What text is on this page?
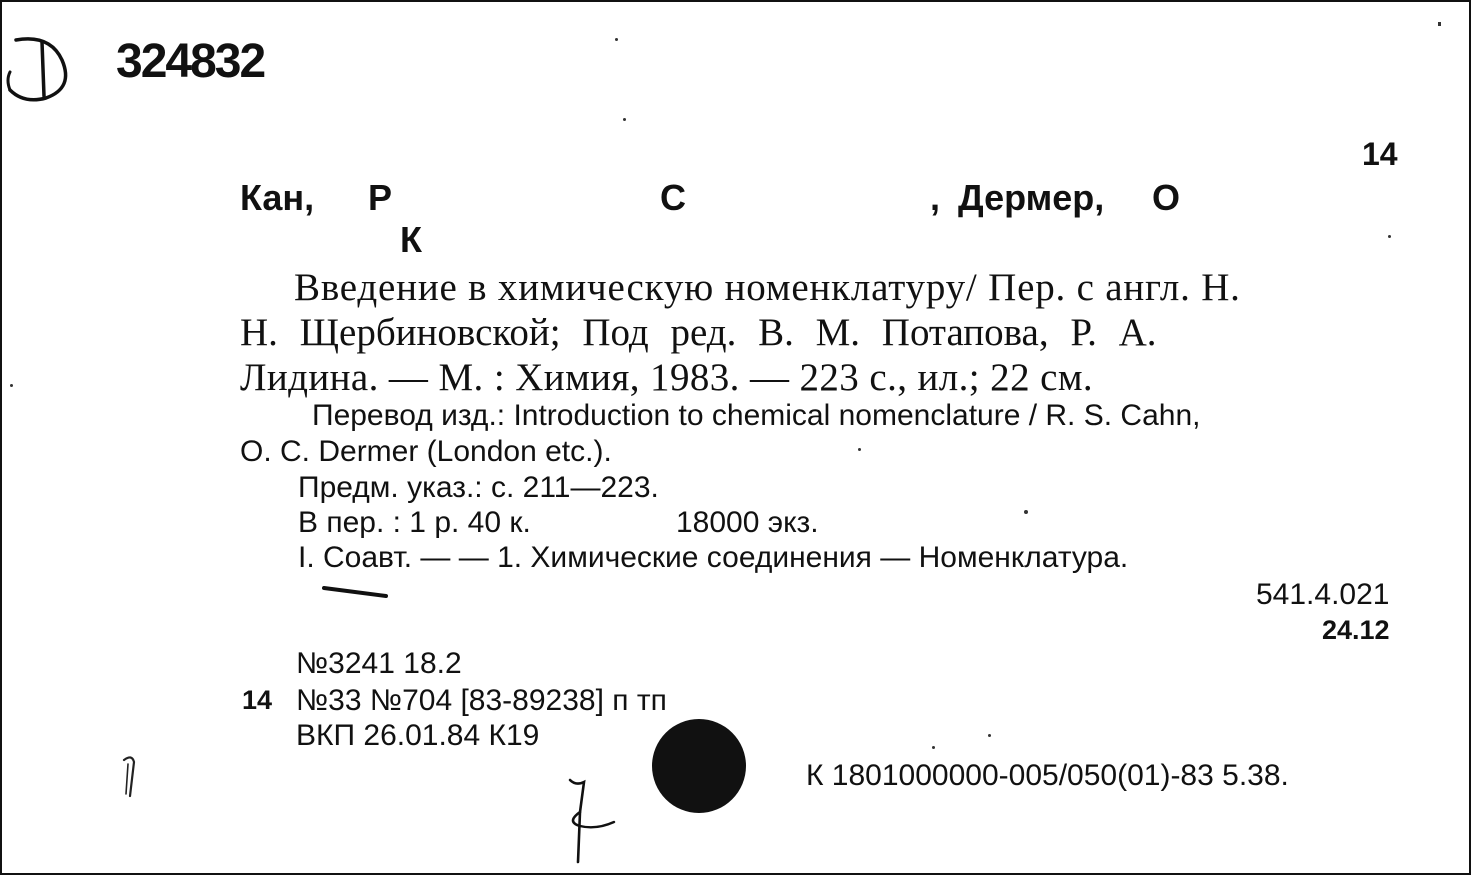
324832
14
Кан, Р
К
С	, Дермер, О
Введение в химическую номенклатуру/ Пер. с англ. Н.
Н. Щербиновской; Под ред. В. М. Потапова, Р. А.
Лидина. — М. : Химия, 1983. — 223 с., ил.; 22 см.
Перевод изд.: Introduction to chemical nomenclature / R. S. Cahn,
O. C. Dermer (London etc.).
Предм. указ.: с. 211—223.
В пер. : 1 р. 40 к.	18000 экз.
I. Соавт. — — 1. Химические соединения — Номенклатура.
541.4.021
24.12
№3241 18.2
14 №33 №704 [83-89238] п тп
ВКП 26.01.84 К19
К 1801000000-005/050(01)-83 5.38.
